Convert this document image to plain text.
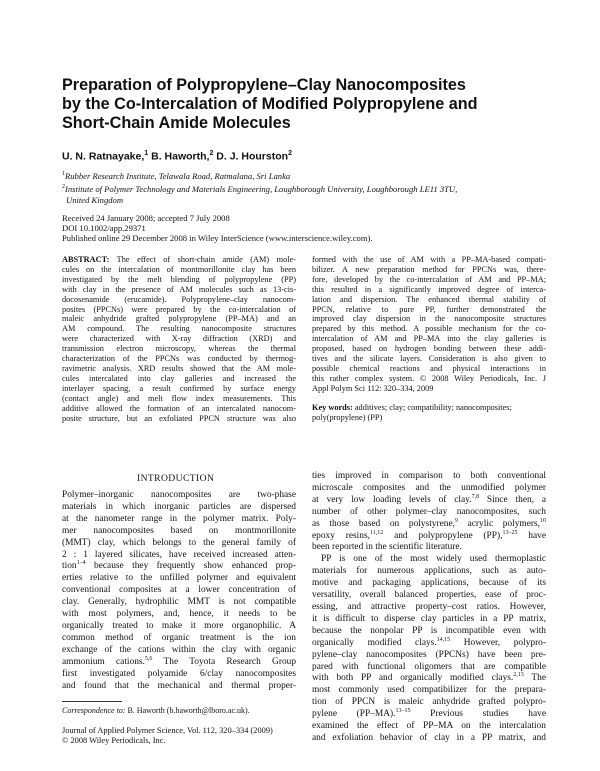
Preparation of Polypropylene–Clay Nanocomposites
by the Co-Intercalation of Modified Polypropylene and
Short-Chain Amide Molecules
U. N. Ratnayake,$^1$ B. Haworth,$^2$ D. J. Hourston$^2$
$^1$Rubber Research Institute, Telawala Road, Ratmalana, Sri Lanka
$^2$Institute of Polymer Technology and Materials Engineering, Loughborough University, Loughborough LE11 3TU,
United Kingdom
Received 24 January 2008; accepted 7 July 2008
DOI 10.1002/app.29371
Published online 29 December 2008 in Wiley InterScience (www.interscience.wiley.com).
ABSTRACT: The effect of short-chain amide (AM) mole-
cules on the intercalation of montmorillonite clay has been
investigated by the melt blending of polypropylene (PP)
with clay in the presence of AM molecules such as 13-cis-
docosenamide (erucamide). Polypropylene–clay nanocom-
posites (PPCNs) were prepared by the co-intercalation of
maleic anhydride grafted polypropylene (PP–MA) and an
AM compound. The resulting nanocomposite structures
were characterized with X-ray diffraction (XRD) and
transmission electron microscopy, whereas the thermal
characterization of the PPCNs was conducted by thermog-
ravimetric analysis. XRD results showed that the AM mole-
cules intercalated into clay galleries and increased the
interlayer spacing, a result confirmed by surface energy
(contact angle) and melt flow index measurements. This
additive allowed the formation of an intercalated nanocom-
posite structure, but an exfoliated PPCN structure was also
formed with the use of AM with a PP–MA-based compati-
bilizer. A new preparation method for PPCNs was, there-
fore, developed by the co-intercalation of AM and PP–MA;
this resulted in a significantly improved degree of interca-
lation and dispersion. The enhanced thermal stability of
PPCN, relative to pure PP, further demonstrated the
improved clay dispersion in the nanocomposite structures
prepared by this method. A possible mechanism for the co-
intercalation of AM and PP–MA into the clay galleries is
proposed, based on hydrogen bonding between these addi-
tives and the silicate layers. Consideration is also given to
possible chemical reactions and physical interactions in
this rather complex system. © 2008 Wiley Periodicals, Inc. J
Appl Polym Sci 112: 320–334, 2009
Key words: additives; clay; compatibility; nanocomposites;
poly(propylene) (PP)
INTRODUCTION
Polymer–inorganic nanocomposites are two-phase
materials in which inorganic particles are dispersed
at the nanometer range in the polymer matrix. Poly-
mer nanocomposites based on montmorillonite
(MMT) clay, which belongs to the general family of
2 : 1 layered silicates, have received increased atten-
tion$^{1-4}$ because they frequently show enhanced prop-
erties relative to the unfilled polymer and equivalent
conventional composites at a lower concentration of
clay. Generally, hydrophilic MMT is not compatible
with most polymers, and, hence, it needs to be
organically treated to make it more organophilic. A
common method of organic treatment is the ion
exchange of the cations within the clay with organic
ammonium cations.$^{5,6}$ The Toyota Research Group
first investigated polyamide 6/clay nanocomposites
and found that the mechanical and thermal proper-
ties improved in comparison to both conventional
microscale composites and the unmodified polymer
at very low loading levels of clay.$^{7,8}$ Since then, a
number of other polymer–clay nanocomposites, such
as those based on polystyrene,$^9$ acrylic polymers,$^{10}$
epoxy resins,$^{11,12}$ and polypropylene (PP),$^{13-25}$ have
been reported in the scientific literature.
PP is one of the most widely used thermoplastic
materials for numerous applications, such as auto-
motive and packaging applications, because of its
versatility, overall balanced properties, ease of proc-
essing, and attractive property–cost ratios. However,
it is difficult to disperse clay particles in a PP matrix,
because the nonpolar PP is incompatible even with
organically modified clays.$^{14,15}$ However, polypro-
pylene–clay nanocomposites (PPCNs) have been pre-
pared with functional oligomers that are compatible
with both PP and organically modified clays.$^{2,13}$ The
most commonly used compatibilizer for the prepara-
tion of PPCN is maleic anhydride grafted polypro-
pylene (PP–MA).$^{13-15}$ Previous studies have
examined the effect of PP–MA on the intercalation
and exfoliation behavior of clay in a PP matrix, and
Correspondence to: B. Haworth (b.haworth@lboro.ac.uk).
Journal of Applied Polymer Science, Vol. 112, 320–334 (2009)
© 2008 Wiley Periodicals, Inc.
